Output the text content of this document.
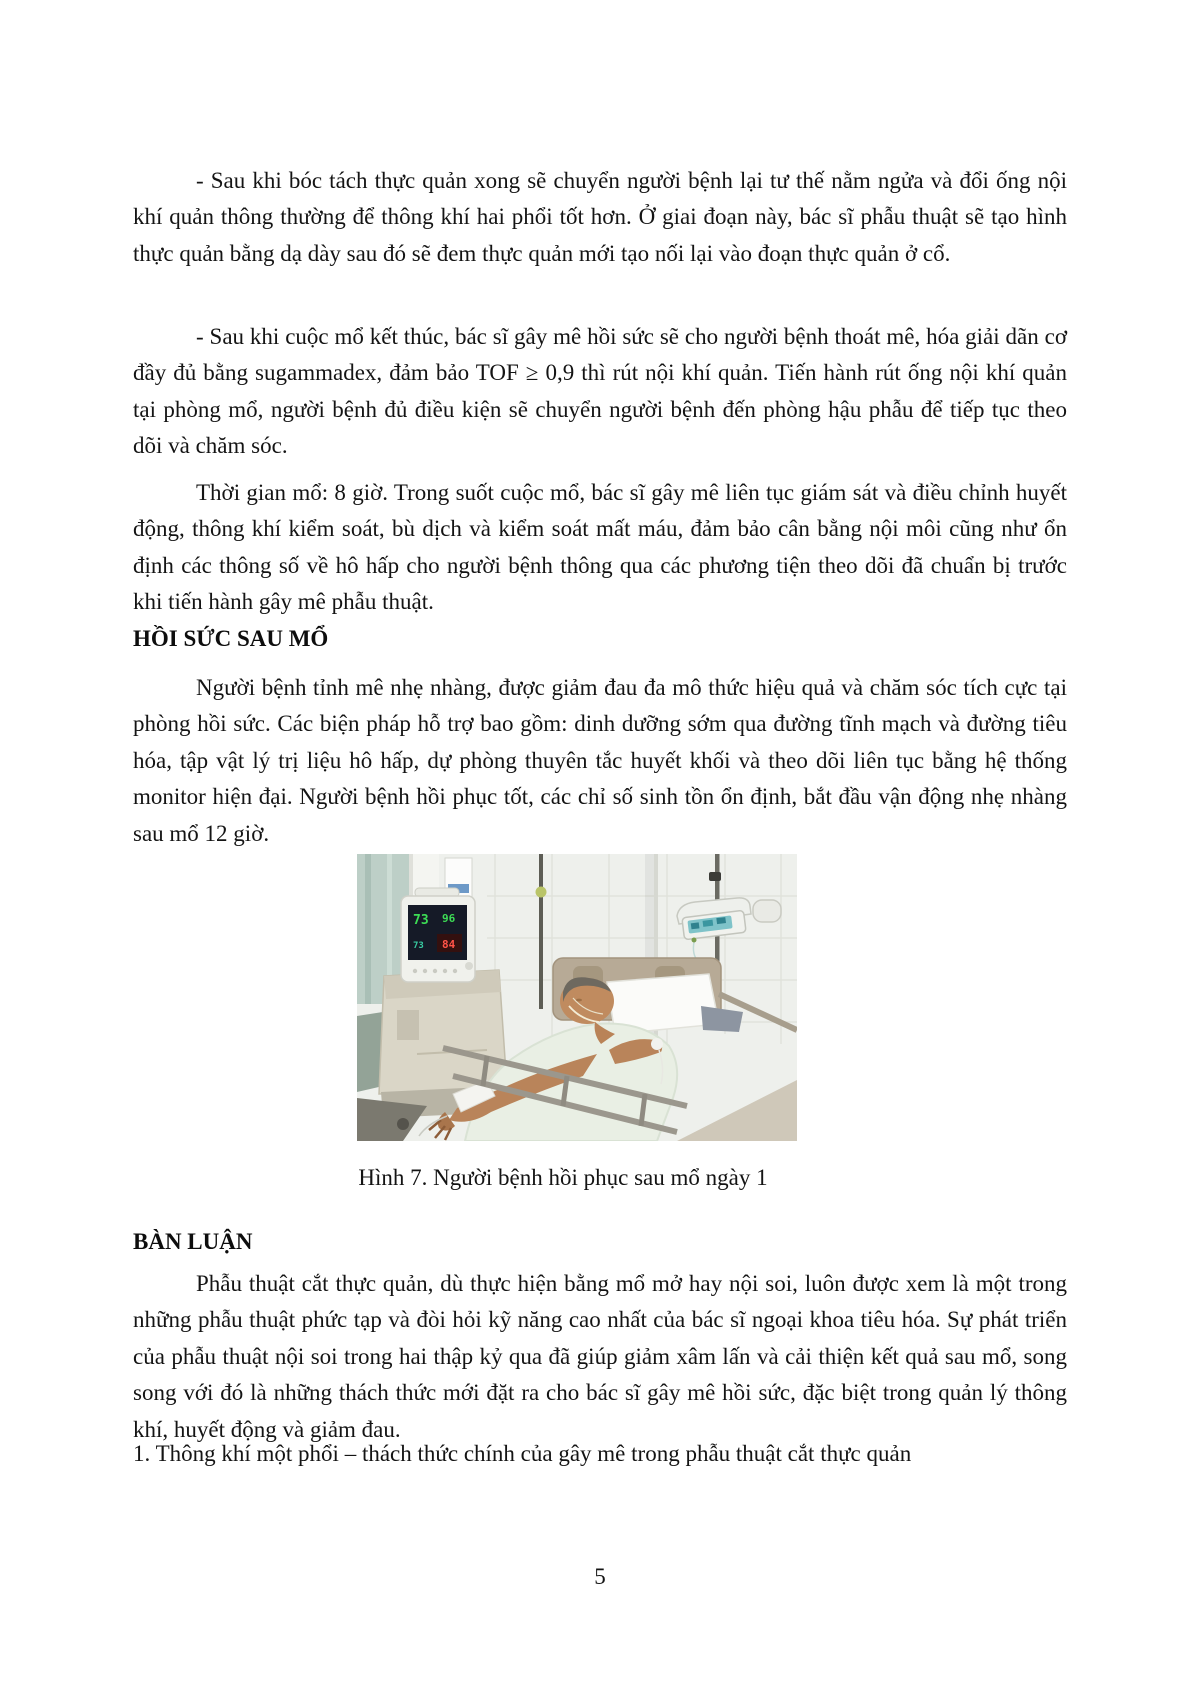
- Sau khi bóc tách thực quản xong sẽ chuyển người bệnh lại tư thế nằm ngửa và đổi ống nội khí quản thông thường để thông khí hai phổi tốt hơn. Ở giai đoạn này, bác sĩ phẫu thuật sẽ tạo hình thực quản bằng dạ dày sau đó sẽ đem thực quản mới tạo nối lại vào đoạn thực quản ở cổ.

- Sau khi cuộc mổ kết thúc, bác sĩ gây mê hồi sức sẽ cho người bệnh thoát mê, hóa giải dãn cơ đầy đủ bằng sugammadex, đảm bảo TOF ≥ 0,9 thì rút nội khí quản. Tiến hành rút ống nội khí quản tại phòng mổ, người bệnh đủ điều kiện sẽ chuyển người bệnh đến phòng hậu phẫu để tiếp tục theo dõi và chăm sóc.

Thời gian mổ: 8 giờ. Trong suốt cuộc mổ, bác sĩ gây mê liên tục giám sát và điều chỉnh huyết động, thông khí kiểm soát, bù dịch và kiểm soát mất máu, đảm bảo cân bằng nội môi cũng như ổn định các thông số về hô hấp cho người bệnh thông qua các phương tiện theo dõi đã chuẩn bị trước khi tiến hành gây mê phẫu thuật.

HỒI SỨC SAU MỔ

Người bệnh tỉnh mê nhẹ nhàng, được giảm đau đa mô thức hiệu quả và chăm sóc tích cực tại phòng hồi sức. Các biện pháp hỗ trợ bao gồm: dinh dưỡng sớm qua đường tĩnh mạch và đường tiêu hóa, tập vật lý trị liệu hô hấp, dự phòng thuyên tắc huyết khối và theo dõi liên tục bằng hệ thống monitor hiện đại. Người bệnh hồi phục tốt, các chỉ số sinh tồn ổn định, bắt đầu vận động nhẹ nhàng sau mổ 12 giờ.

73 96
73 84
Hình 7. Người bệnh hồi phục sau mổ ngày 1
BÀN LUẬN

Phẫu thuật cắt thực quản, dù thực hiện bằng mổ mở hay nội soi, luôn được xem là một trong những phẫu thuật phức tạp và đòi hỏi kỹ năng cao nhất của bác sĩ ngoại khoa tiêu hóa. Sự phát triển của phẫu thuật nội soi trong hai thập kỷ qua đã giúp giảm xâm lấn và cải thiện kết quả sau mổ, song song với đó là những thách thức mới đặt ra cho bác sĩ gây mê hồi sức, đặc biệt trong quản lý thông khí, huyết động và giảm đau.

1. Thông khí một phổi – thách thức chính của gây mê trong phẫu thuật cắt thực quản
5
